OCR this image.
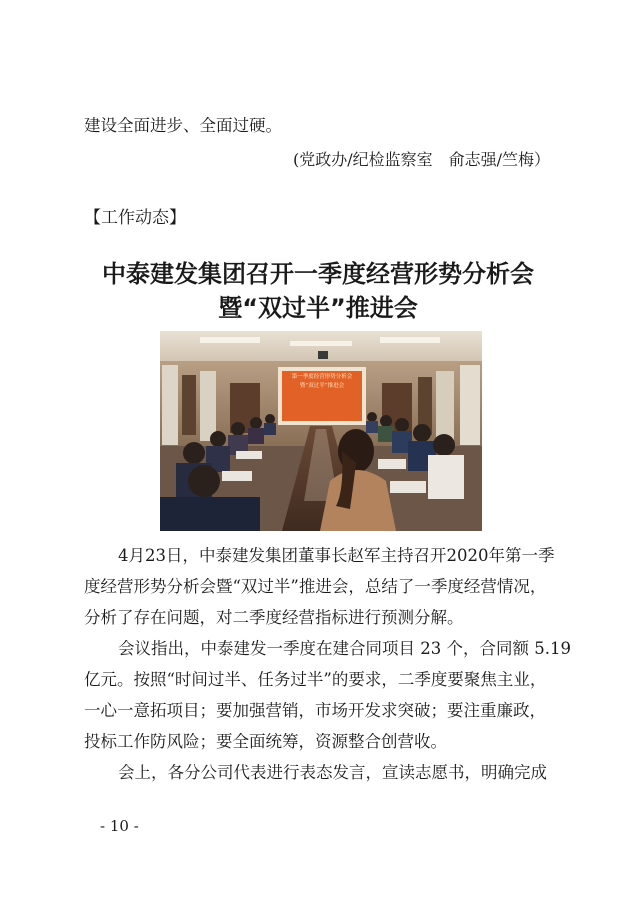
建设全面进步、全面过硬。
(党政办/纪检监察室　俞志强/竺梅）
【工作动态】
中泰建发集团召开一季度经营形势分析会
暨“双过半”推进会
第一季度经营形势分析会
暨“双过半”推进会
4月23日，中泰建发集团董事长赵军主持召开2020年第一季
度经营形势分析会暨“双过半”推进会，总结了一季度经营情况，
分析了存在问题，对二季度经营指标进行预测分解。
会议指出，中泰建发一季度在建合同项目 23 个，合同额 5.19
亿元。按照“时间过半、任务过半”的要求，二季度要聚焦主业，
一心一意拓项目；要加强营销，市场开发求突破；要注重廉政，
投标工作防风险；要全面统筹，资源整合创营收。
会上，各分公司代表进行表态发言，宣读志愿书，明确完成
- 10 -
